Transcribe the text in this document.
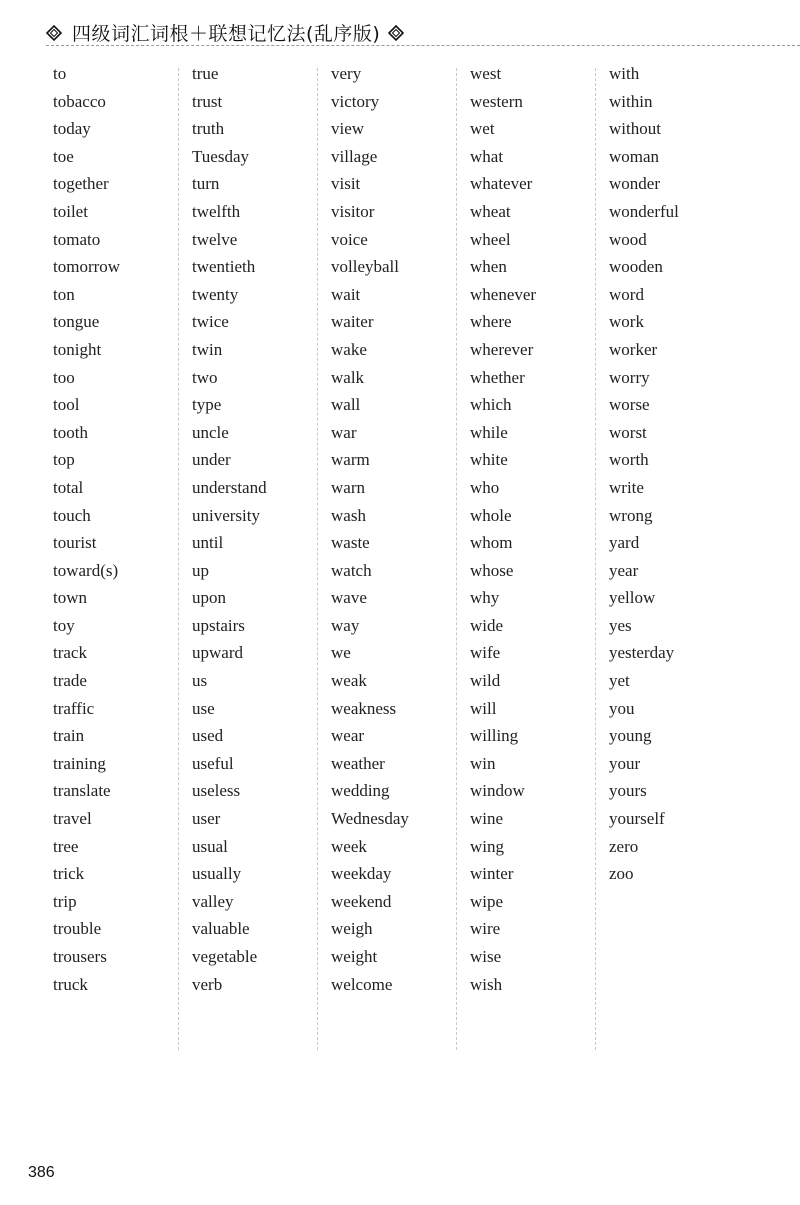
四级词汇词根＋联想记忆法(乱序版)
to
tobacco
today
toe
together
toilet
tomato
tomorrow
ton
tongue
tonight
too
tool
tooth
top
total
touch
tourist
toward(s)
town
toy
track
trade
traffic
train
training
translate
travel
tree
trick
trip
trouble
trousers
truck
true
trust
truth
Tuesday
turn
twelfth
twelve
twentieth
twenty
twice
twin
two
type
uncle
under
understand
university
until
up
upon
upstairs
upward
us
use
used
useful
useless
user
usual
usually
valley
valuable
vegetable
verb
very
victory
view
village
visit
visitor
voice
volleyball
wait
waiter
wake
walk
wall
war
warm
warn
wash
waste
watch
wave
way
we
weak
weakness
wear
weather
wedding
Wednesday
week
weekday
weekend
weigh
weight
welcome
west
western
wet
what
whatever
wheat
wheel
when
whenever
where
wherever
whether
which
while
white
who
whole
whom
whose
why
wide
wife
wild
will
willing
win
window
wine
wing
winter
wipe
wire
wise
wish
with
within
without
woman
wonder
wonderful
wood
wooden
word
work
worker
worry
worse
worst
worth
write
wrong
yard
year
yellow
yes
yesterday
yet
you
young
your
yours
yourself
zero
zoo
386
